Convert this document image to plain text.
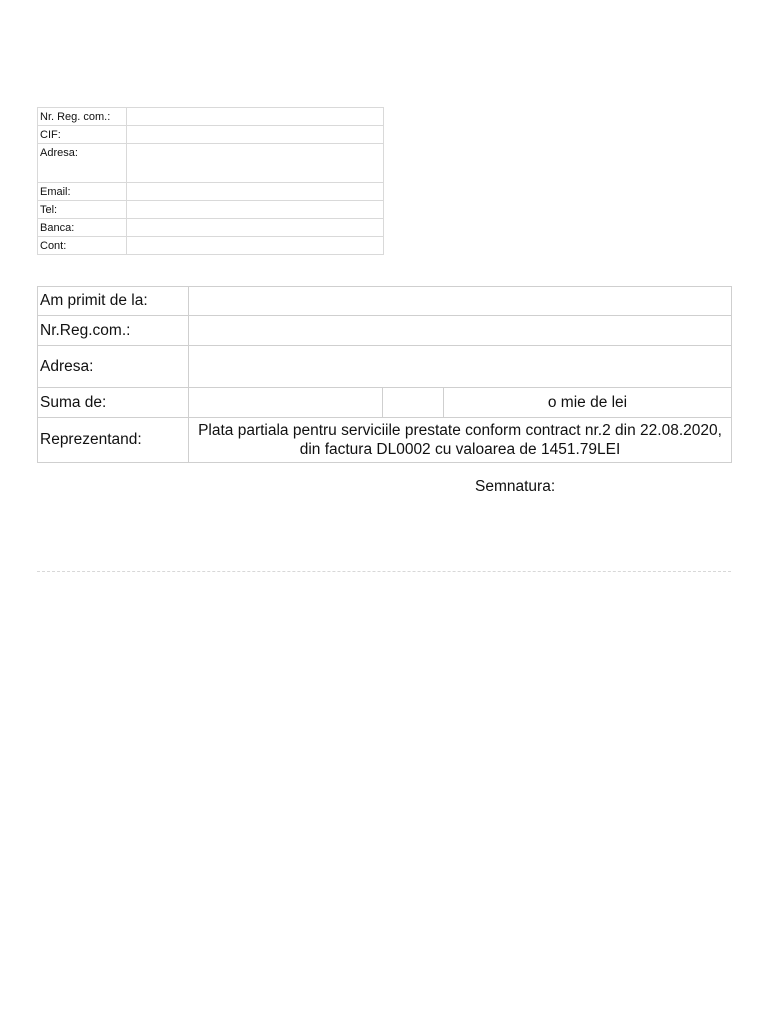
Nr. Reg. com.:	
CIF:	
Adresa:	
Email:	
Tel:	
Banca:	
Cont:	
Am primit de la:			
Nr.Reg.com.:			
Adresa:			
Suma de:			o mie de lei
Reprezentand:	Plata partiala pentru serviciile prestate conform contract nr.2 din 22.08.2020, din factura DL0002 cu valoarea de 1451.79LEI		
Semnatura:
